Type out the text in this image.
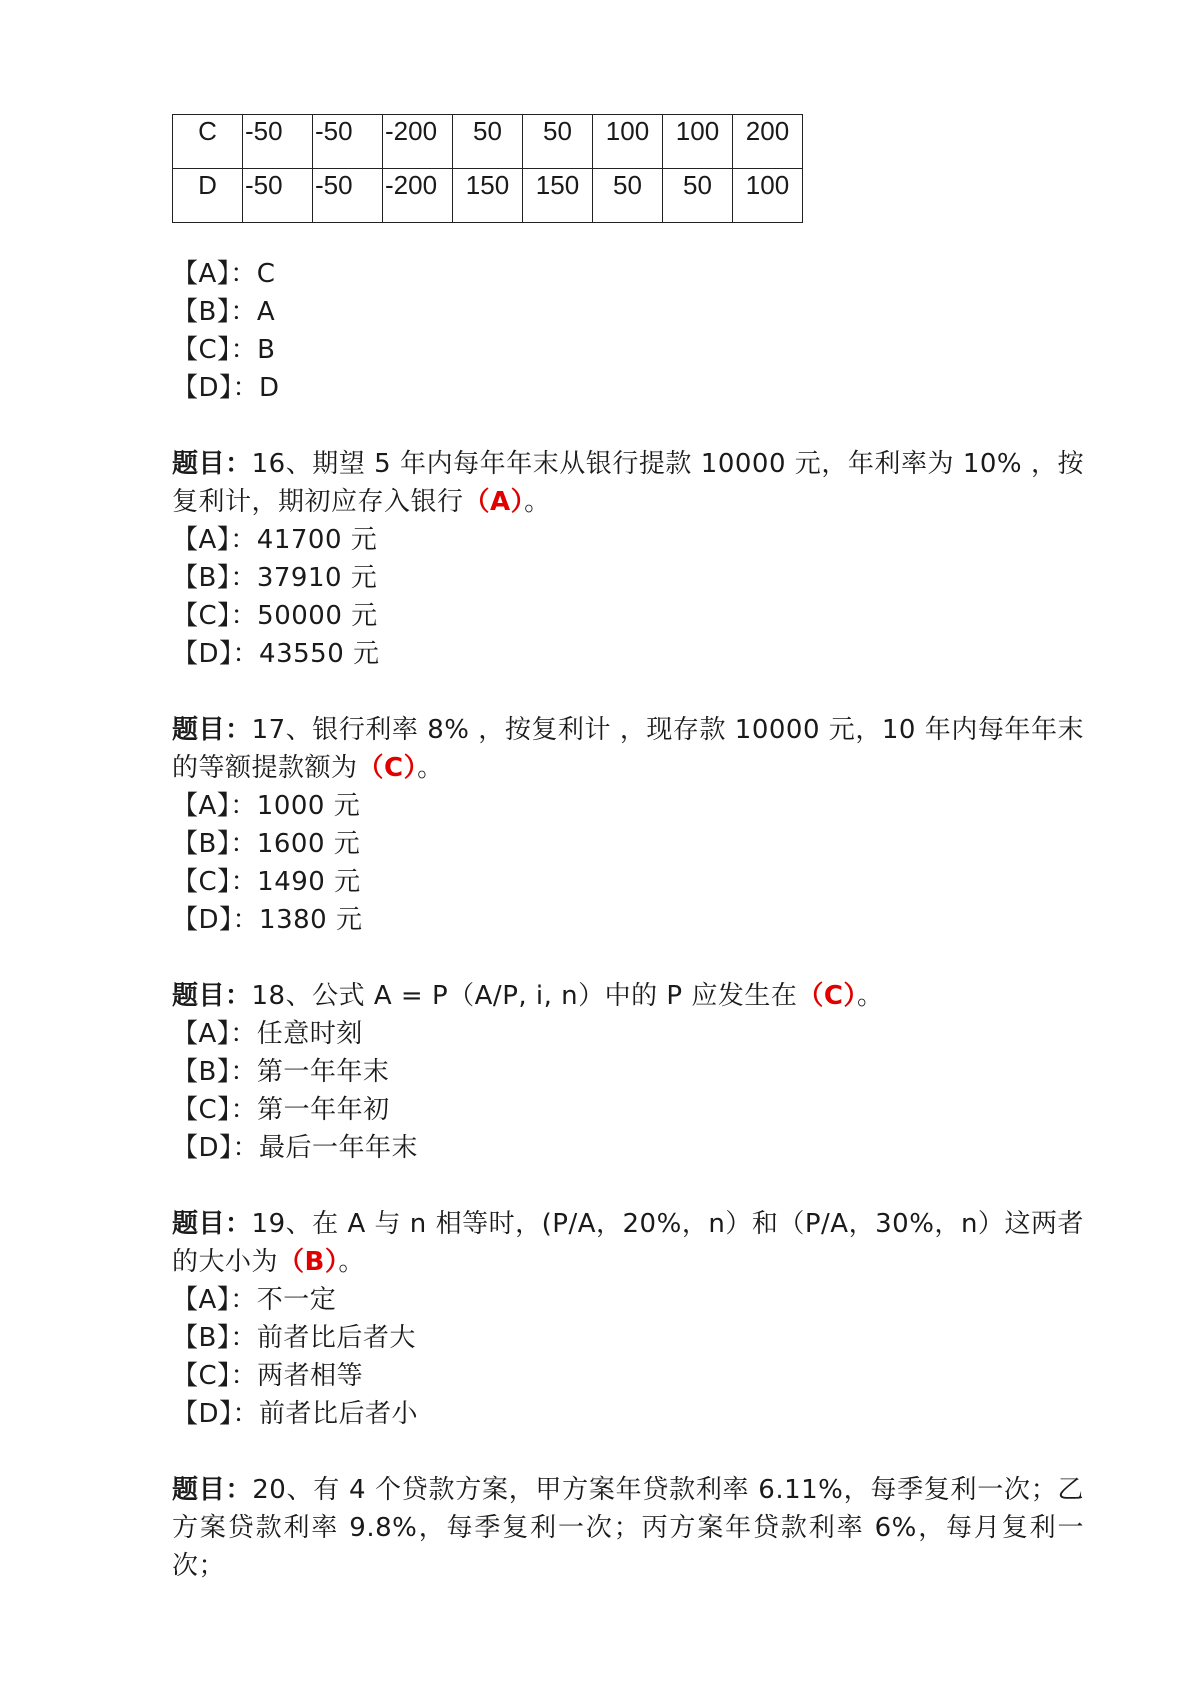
C	-50	-50	-200	50	50	100	100	200
D	-50	-50	-200	150	150	50	50	100
【A】：C
【B】：A
【C】：B
【D】：D
题目：16、期望 5 年内每年年末从银行提款 10000 元，年利率为 10% ，按复利计，期初应存入银行（A）。
【A】：41700 元
【B】：37910 元
【C】：50000 元
【D】：43550 元
题目：17、银行利率 8% ，按复利计 ，现存款 10000 元，10 年内每年年末的等额提款额为（C）。
【A】：1000 元
【B】：1600 元
【C】：1490 元
【D】：1380 元
题目：18、公式 A = P（A/P, i, n）中的 P 应发生在（C）。
【A】：任意时刻
【B】：第一年年末
【C】：第一年年初
【D】：最后一年年末
题目：19、在 A 与 n 相等时，(P/A，20%，n）和（P/A，30%，n）这两者的大小为（B）。
【A】：不一定
【B】：前者比后者大
【C】：两者相等
【D】：前者比后者小
题目：20、有 4 个贷款方案，甲方案年贷款利率 6.11%，每季复利一次；乙方案贷款利率 9.8%，每季复利一次；丙方案年贷款利率 6%，每月复利一次；
